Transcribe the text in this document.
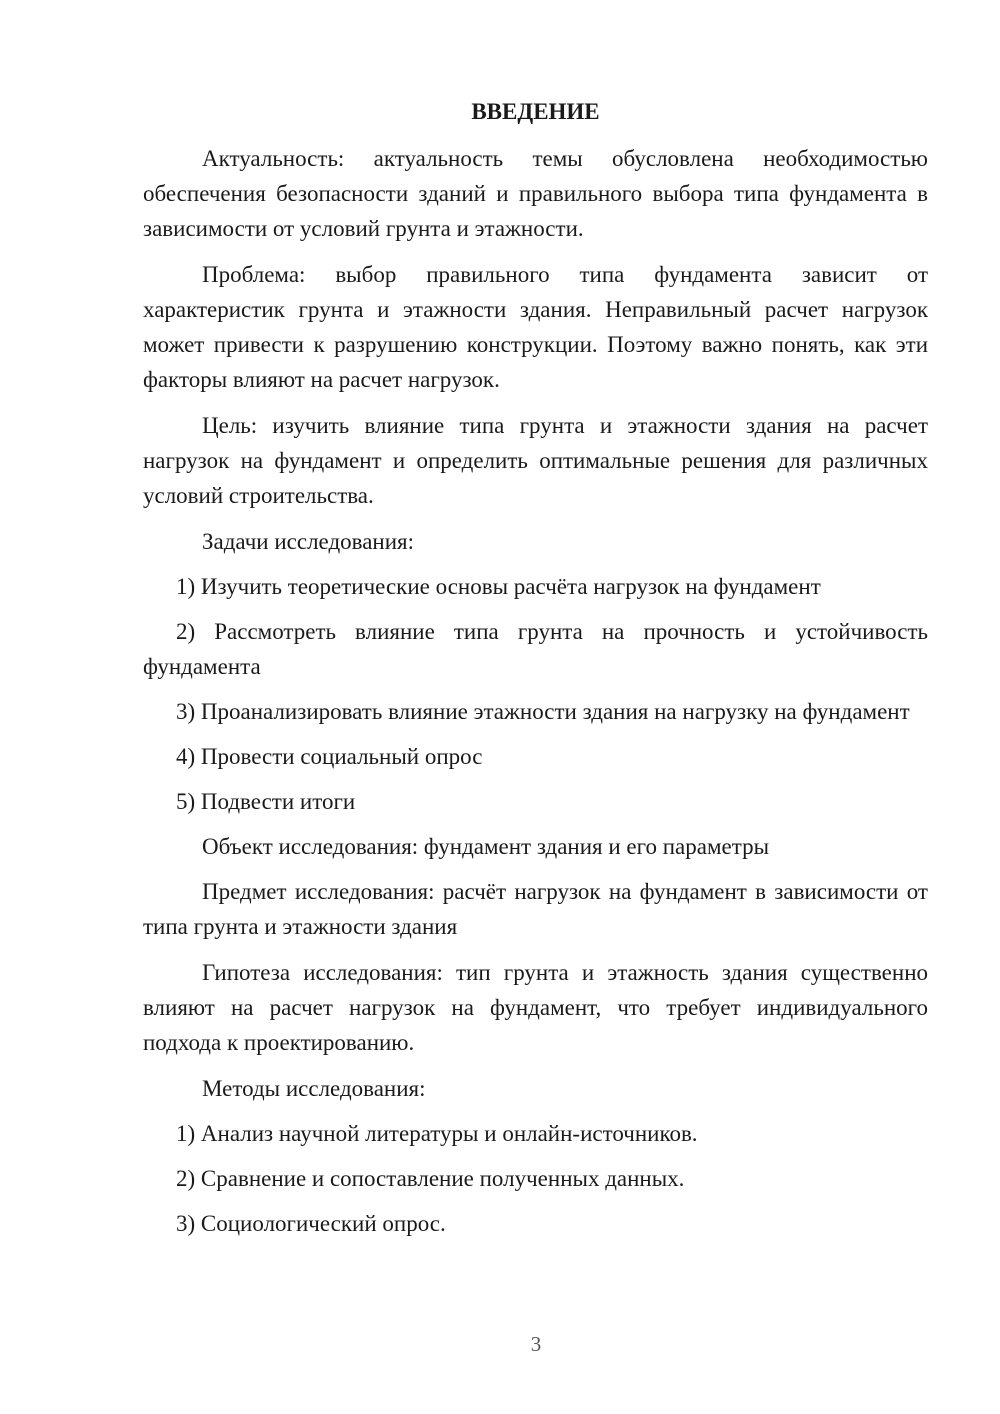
ВВЕДЕНИЕ

Актуальность: актуальность темы обусловлена необходимостью обеспечения безопасности зданий и правильного выбора типа фундамента в зависимости от условий грунта и этажности.

Проблема: выбор правильного типа фундамента зависит от характеристик грунта и этажности здания. Неправильный расчет нагрузок может привести к разрушению конструкции. Поэтому важно понять, как эти факторы влияют на расчет нагрузок.

Цель: изучить влияние типа грунта и этажности здания на расчет нагрузок на фундамент и определить оптимальные решения для различных условий строительства.

Задачи исследования:

1) Изучить теоретические основы расчёта нагрузок на фундамент

2) Рассмотреть влияние типа грунта на прочность и устойчивость фундамента

3) Проанализировать влияние этажности здания на нагрузку на фундамент

4) Провести социальный опрос

5) Подвести итоги

Объект исследования: фундамент здания и его параметры

Предмет исследования: расчёт нагрузок на фундамент в зависимости от типа грунта и этажности здания

Гипотеза исследования: тип грунта и этажность здания существенно влияют на расчет нагрузок на фундамент, что требует индивидуального подхода к проектированию.

Методы исследования:

1) Анализ научной литературы и онлайн-источников.

2) Сравнение и сопоставление полученных данных.

3) Социологический опрос.

3
